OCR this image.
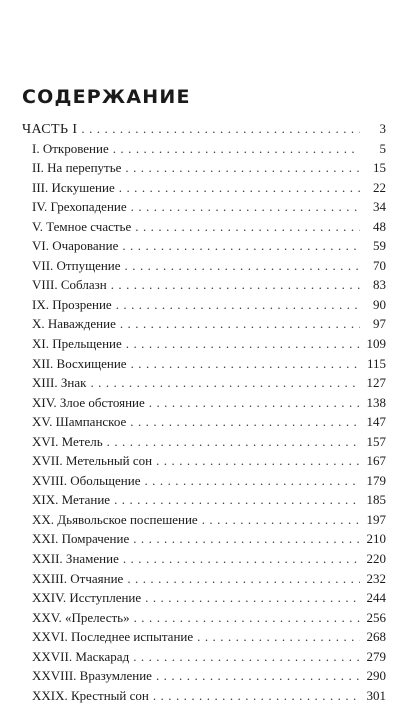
СОДЕРЖАНИЕ
ЧАСТЬ I . . .	3
I. Откровение . . .	5
II. На перепутье . . .	15
III. Искушение . . .	22
IV. Грехопадение . . .	34
V. Темное счастье . . .	48
VI. Очарование . . .	59
VII. Отпущение . . .	70
VIII. Соблазн . . .	83
IX. Прозрение . . .	90
X. Наваждение . . .	97
XI. Прельщение . . .	109
XII. Восхищение . . .	115
XIII. Знак . . .	127
XIV. Злое обстояние . . .	138
XV. Шампанское . . .	147
XVI. Метель . . .	157
XVII. Метельный сон . . .	167
XVIII. Обольщение . . .	179
XIX. Метание . . .	185
XX. Дьявольское поспешение . . .	197
XXI. Помрачение . . .	210
XXII. Знамение . . .	220
XXIII. Отчаяние . . .	232
XXIV. Исступление . . .	244
XXV. «Прелесть» . . .	256
XXVI. Последнее испытание . . .	268
XXVII. Маскарад . . .	279
XXVIII. Вразумление . . .	290
XXIX. Крестный сон . . .	301
